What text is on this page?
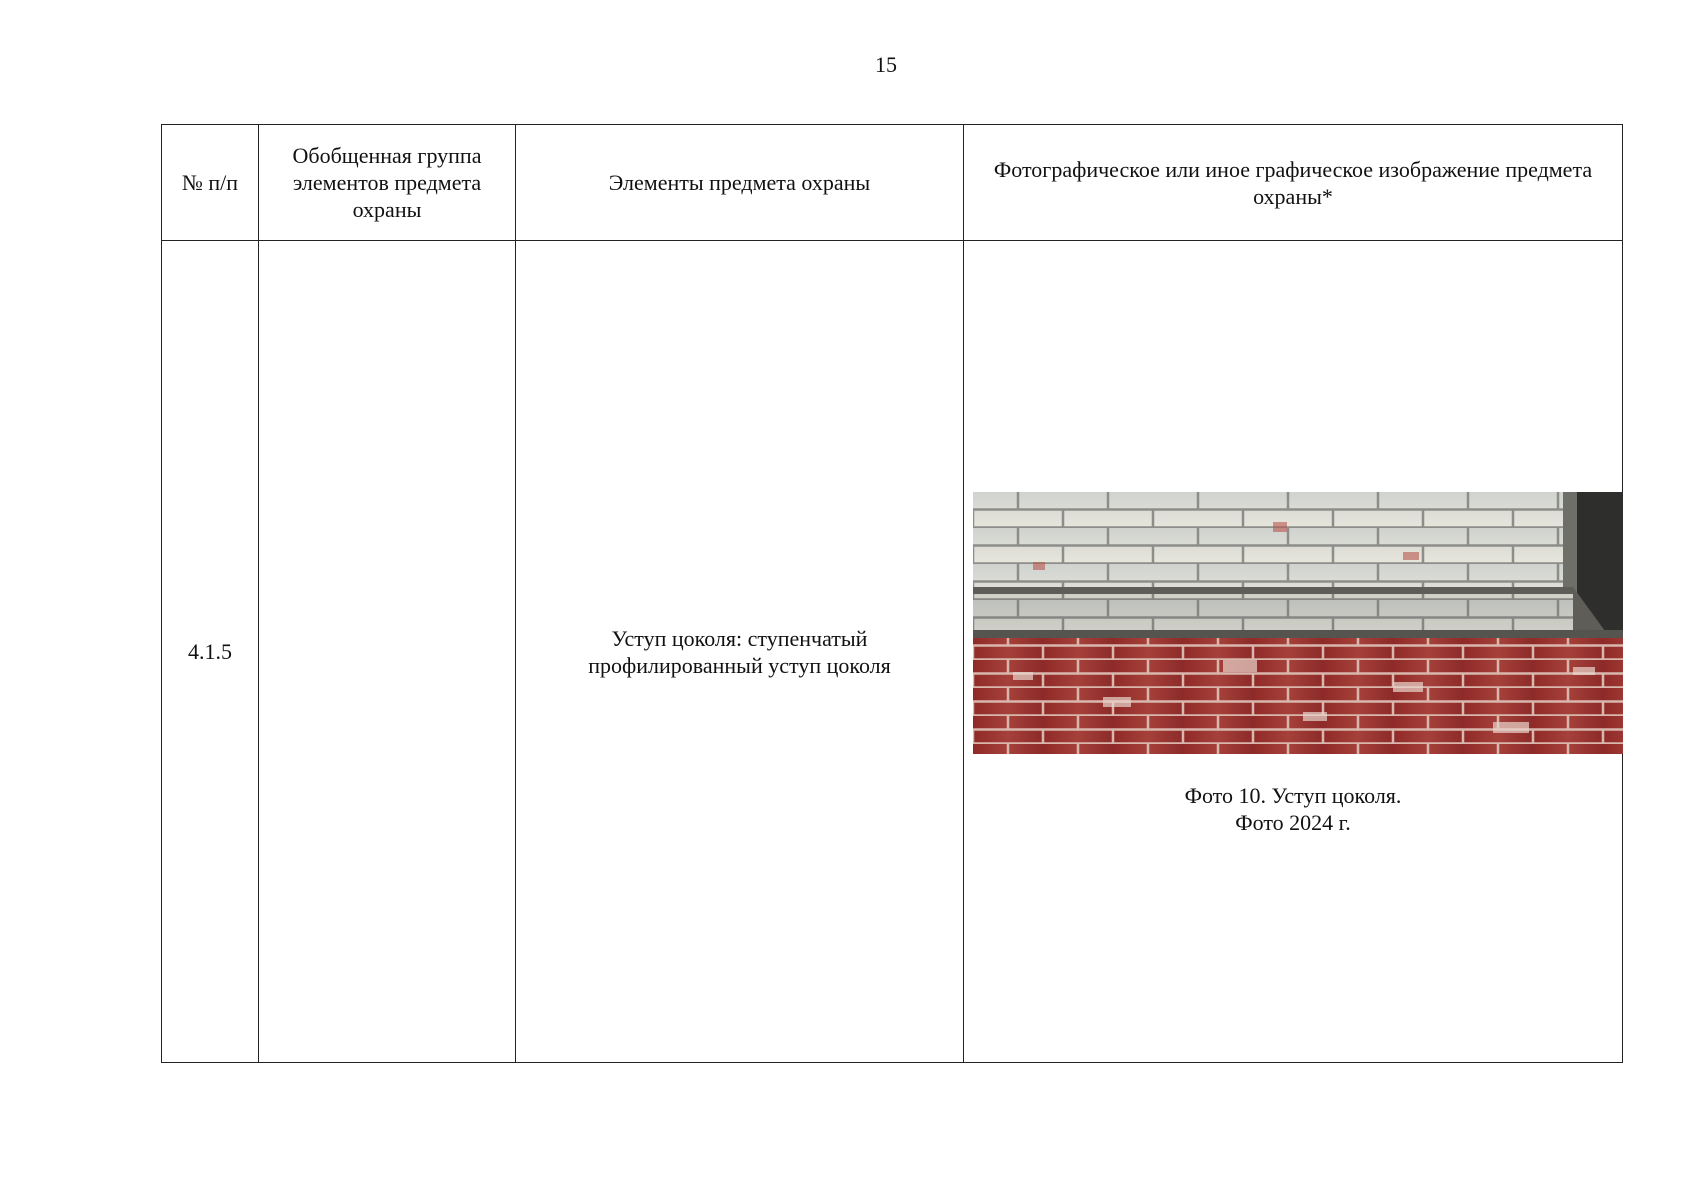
15
№ п/п	Обобщенная группа элементов предмета охраны	Элементы предмета охраны	Фотографическое или иное графическое изображение предмета охраны*
4.1.5		Уступ цоколя: ступенчатый профилированный уступ цоколя	Фото 10. Уступ цоколя.
Фото 2024 г.
